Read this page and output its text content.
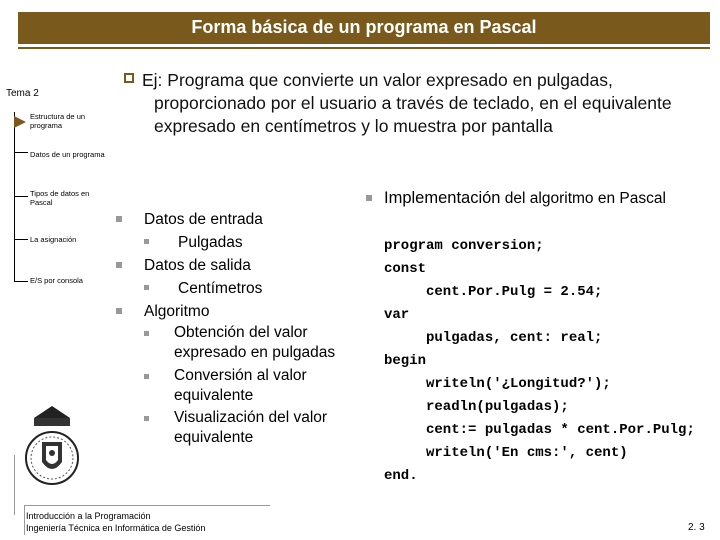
Forma básica de un programa en Pascal
Tema 2
Estructura de un programa
Datos de un programa
Tipos de datos en Pascal
La asignación
E/S por consola
Ej: Programa que convierte un valor expresado en pulgadas, proporcionado por el usuario a través de teclado, en el equivalente expresado en centímetros y lo muestra por pantalla
Datos de entrada
Pulgadas
Datos de salida
Centímetros
Algoritmo
Obtención del valor expresado en pulgadas
Conversión al valor equivalente
Visualización del valor equivalente
Implementación del algoritmo en Pascal

program conversion;
const
cent.Por.Pulg = 2.54;
var
pulgadas, cent: real;
begin
writeln('¿Longitud?');
readln(pulgadas);
cent:= pulgadas * cent.Por.Pulg;
writeln('En cms:', cent)
end.

Introducción a la Programación
Ingeniería Técnica en Informática de Gestión	2. 3
